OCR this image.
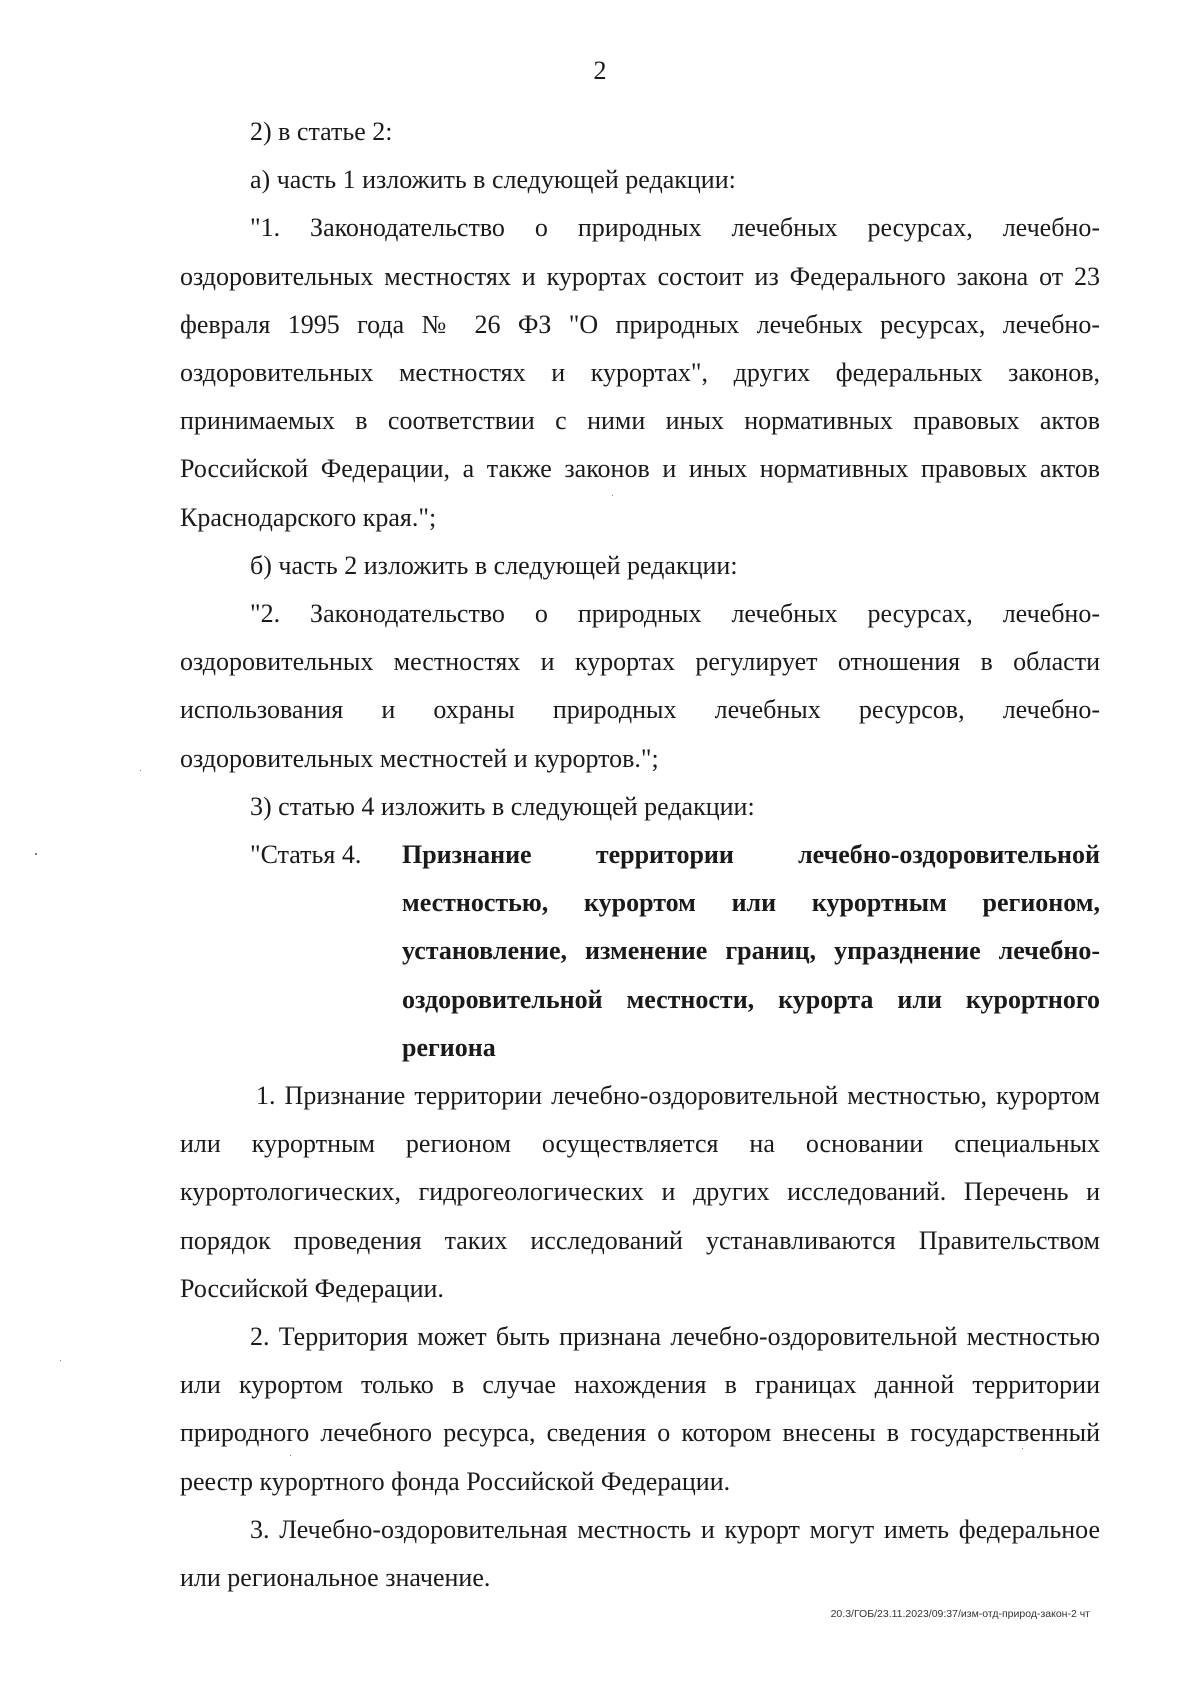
2

2) в статье 2:

а) часть 1 изложить в следующей редакции:

"1. Законодательство о природных лечебных ресурсах, лечебно-оздоровительных местностях и курортах состоит из Федерального закона от 23 февраля 1995 года № 26 ФЗ "О природных лечебных ресурсах, лечебно-оздоровительных местностях и курортах", других федеральных законов, принимаемых в соответствии с ними иных нормативных правовых актов Российской Федерации, а также законов и иных нормативных правовых актов Краснодарского края.";

б) часть 2 изложить в следующей редакции:

"2. Законодательство о природных лечебных ресурсах, лечебно-оздоровительных местностях и курортах регулирует отношения в области использования и охраны природных лечебных ресурсов, лечебно-оздоровительных местностей и курортов.";

3) статью 4 изложить в следующей редакции:

"Статья 4. Признание территории лечебно-оздоровительной местностью, курортом или курортным регионом, установление, изменение границ, упразднение лечебно-оздоровительной местности, курорта или курортного региона

1. Признание территории лечебно-оздоровительной местностью, курортом или курортным регионом осуществляется на основании специальных курортологических, гидрогеологических и других исследований. Перечень и порядок проведения таких исследований устанавливаются Правительством Российской Федерации.

2. Территория может быть признана лечебно-оздоровительной местностью или курортом только в случае нахождения в границах данной территории природного лечебного ресурса, сведения о котором внесены в государственный реестр курортного фонда Российской Федерации.

3. Лечебно-оздоровительная местность и курорт могут иметь федеральное или региональное значение.

20.3/ГОБ/23.11.2023/09:37/изм-отд-природ-закон-2 чт
